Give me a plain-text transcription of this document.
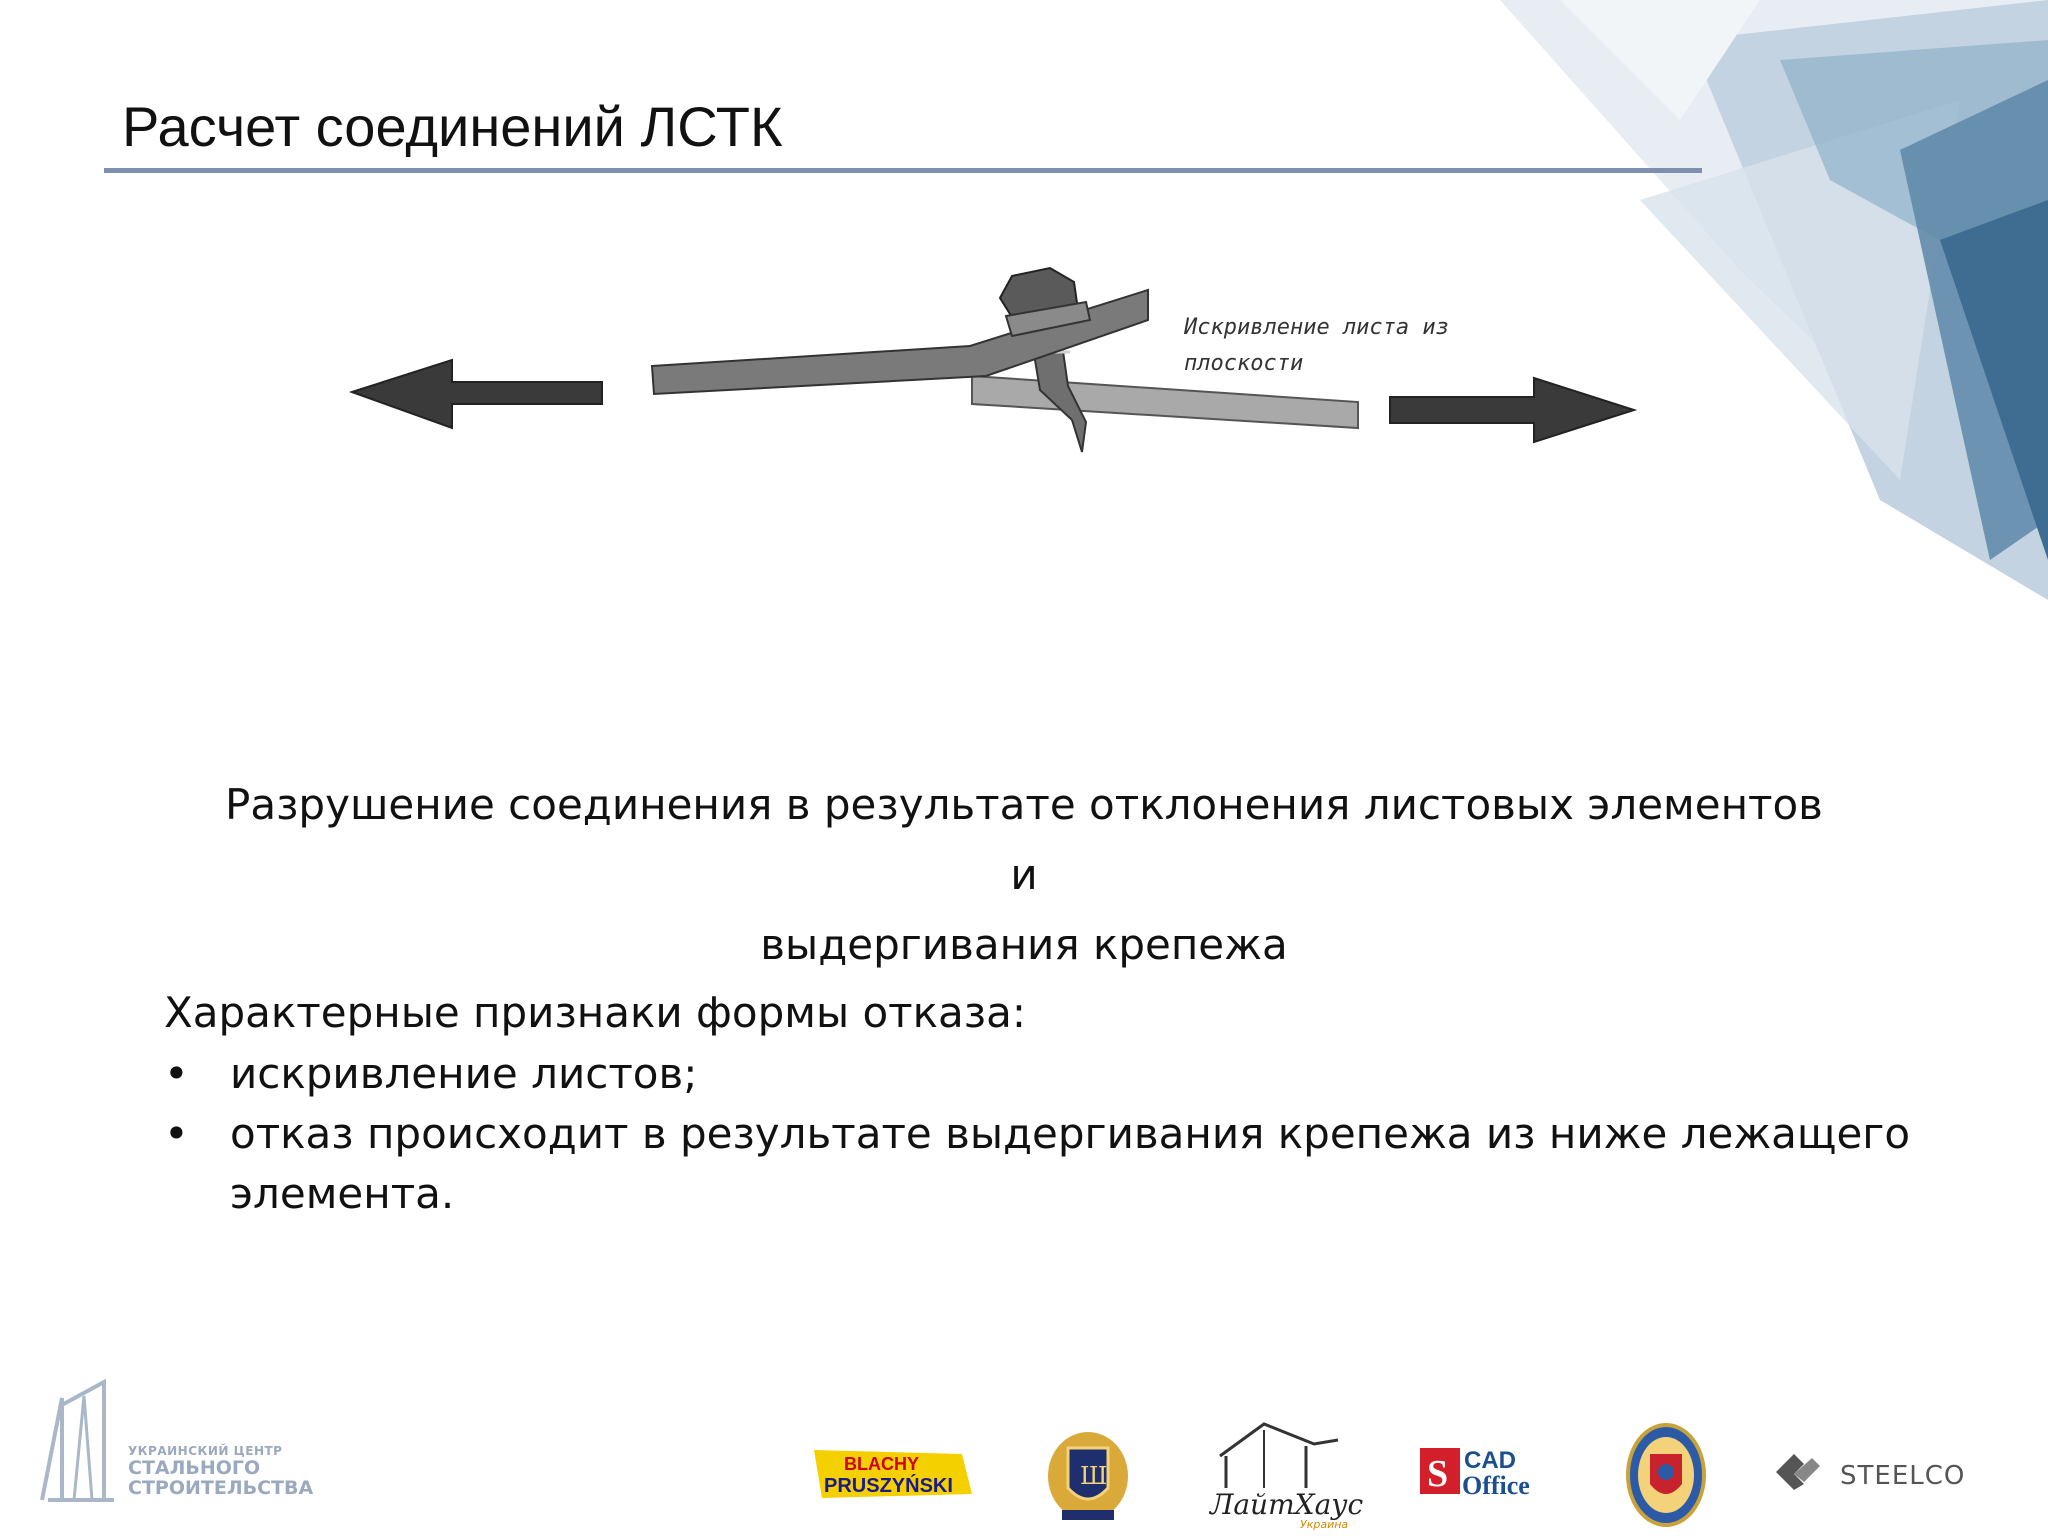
Расчет соединений ЛСТК
Искривление листа из
плоскости
Разрушение соединения в результате отклонения листовых элементов и
выдергивания крепежа

Характерные признаки формы отказа:

• искривление листов;
• отказ происходит в результате выдергивания крепежа из ниже лежащего
элемента.
УКРАИНСКИЙ ЦЕНТР
СТАЛЬНОГО
СТРОИТЕЛЬСТВА
BLACHY
PRUSZYŃSKI	Ш
ЛайтХаус
Украина
S CAD
Office	STEELCO
